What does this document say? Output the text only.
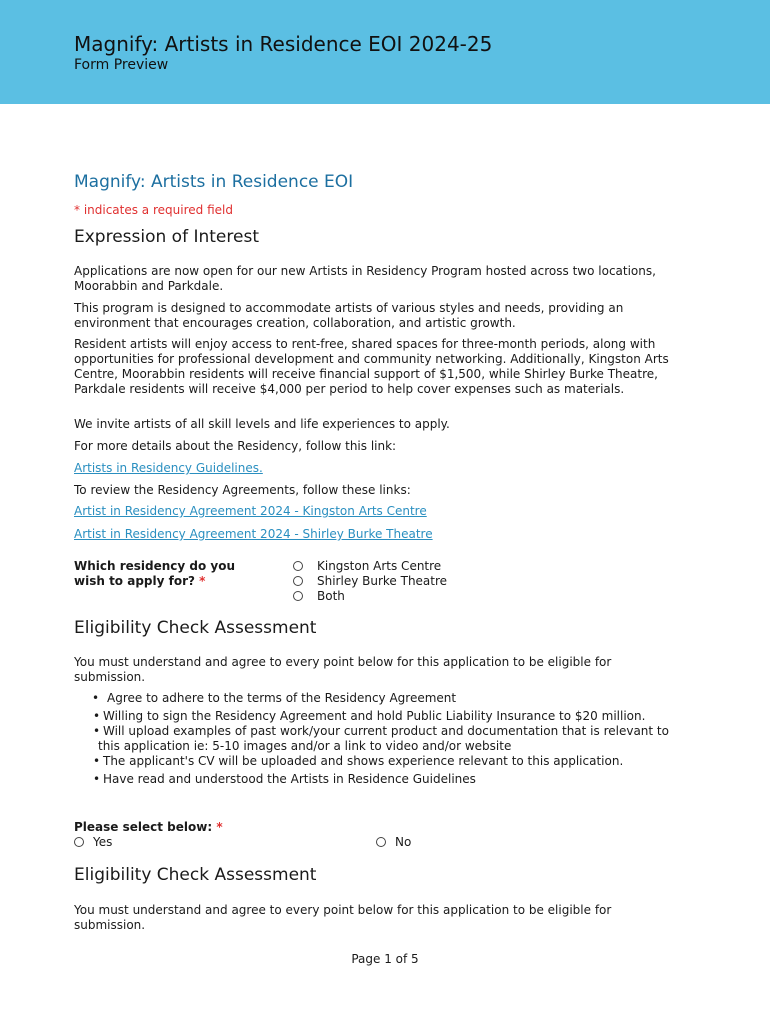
Magnify: Artists in Residence EOI 2024-25
Form Preview
Magnify: Artists in Residence EOI
* indicates a required field
Expression of Interest

Applications are now open for our new Artists in Residency Program hosted across two locations, Moorabbin and Parkdale.

This program is designed to accommodate artists of various styles and needs, providing an environment that encourages creation, collaboration, and artistic growth.

Resident artists will enjoy access to rent-free, shared spaces for three-month periods, along with opportunities for professional development and community networking. Additionally, Kingston Arts Centre, Moorabbin residents will receive financial support of $1,500, while Shirley Burke Theatre, Parkdale residents will receive $4,000 per period to help cover expenses such as materials.

We invite artists of all skill levels and life experiences to apply.

For more details about the Residency, follow this link:

Artists in Residency Guidelines.

To review the Residency Agreements, follow these links:

Artist in Residency Agreement 2024 - Kingston Arts Centre
Artist in Residency Agreement 2024 - Shirley Burke Theatre
Which residency do you wish to apply for? *
Kingston Arts Centre
Shirley Burke Theatre
Both
Eligibility Check Assessment

You must understand and agree to every point below for this application to be eligible for submission.

• Agree to adhere to the terms of the Residency Agreement
• Willing to sign the Residency Agreement and hold Public Liability Insurance to $20 million.
• Will upload examples of past work/your current product and documentation that is relevant to this application ie: 5-10 images and/or a link to video and/or website
• The applicant's CV will be uploaded and shows experience relevant to this application.
• Have read and understood the Artists in Residence Guidelines
Please select below: *
Yes	No
Eligibility Check Assessment

You must understand and agree to every point below for this application to be eligible for submission.

Page 1 of 5
